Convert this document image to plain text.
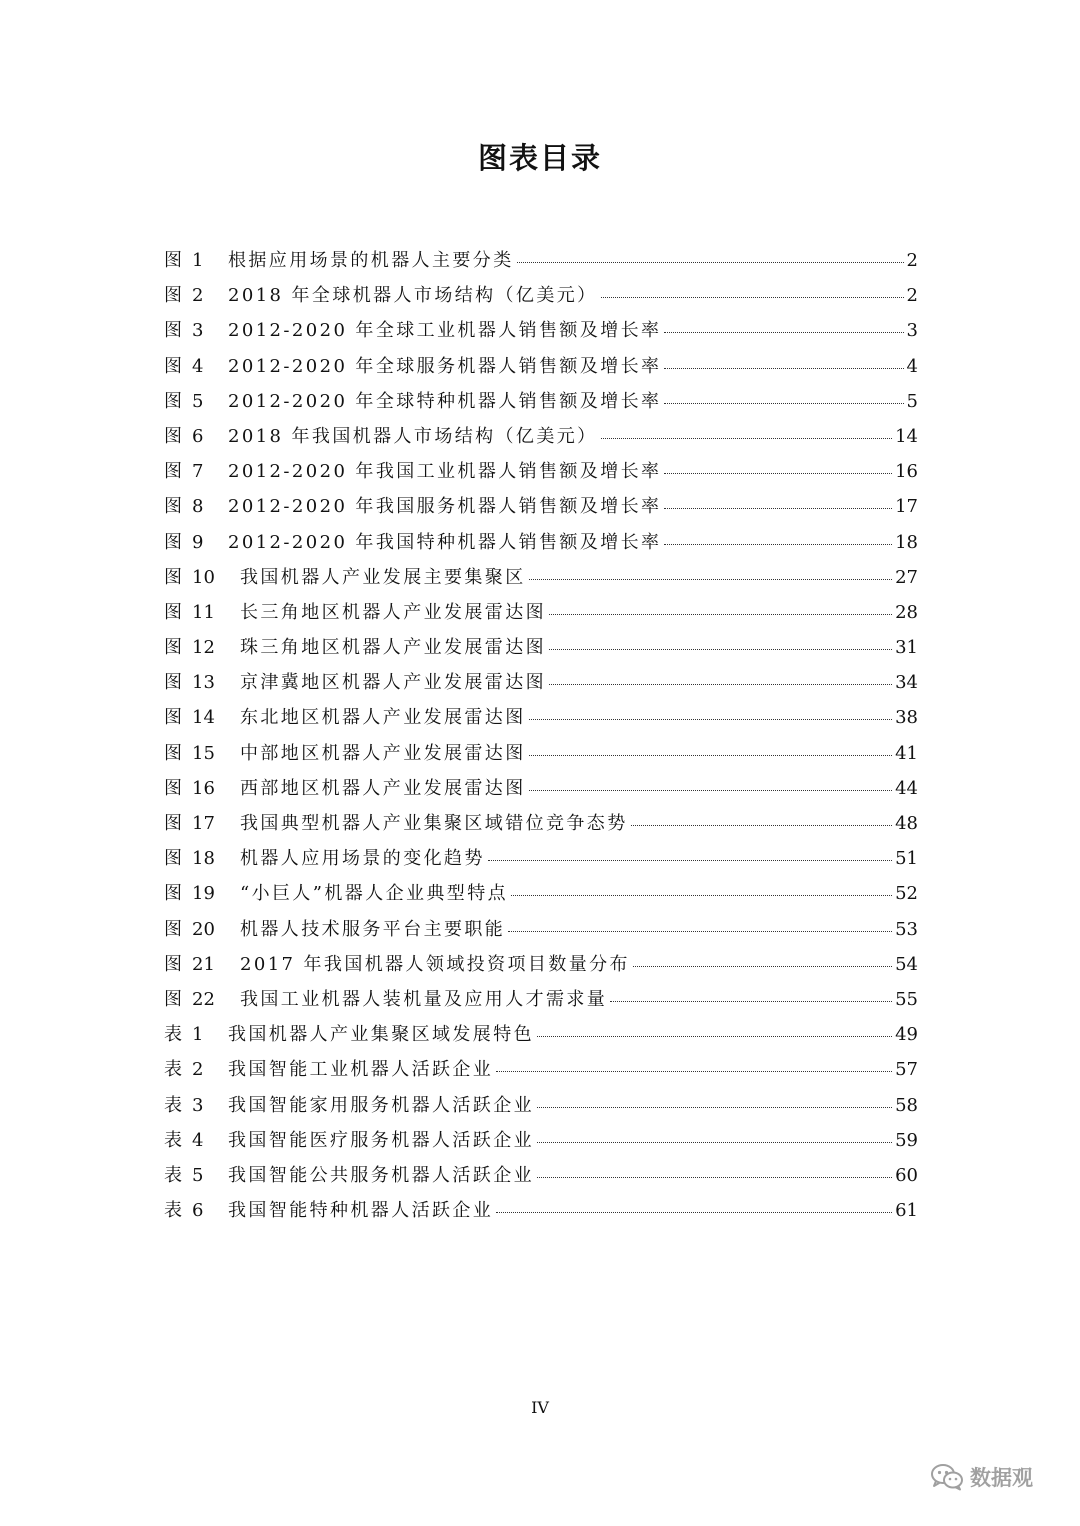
图表目录
图 1	根据应用场景的机器人主要分类	2
图 2	2018 年全球机器人市场结构（亿美元）	2
图 3	2012-2020 年全球工业机器人销售额及增长率	3
图 4	2012-2020 年全球服务机器人销售额及增长率	4
图 5	2012-2020 年全球特种机器人销售额及增长率	5
图 6	2018 年我国机器人市场结构（亿美元）	14
图 7	2012-2020 年我国工业机器人销售额及增长率	16
图 8	2012-2020 年我国服务机器人销售额及增长率	17
图 9	2012-2020 年我国特种机器人销售额及增长率	18
图 10	我国机器人产业发展主要集聚区	27
图 11	长三角地区机器人产业发展雷达图	28
图 12	珠三角地区机器人产业发展雷达图	31
图 13	京津冀地区机器人产业发展雷达图	34
图 14	东北地区机器人产业发展雷达图	38
图 15	中部地区机器人产业发展雷达图	41
图 16	西部地区机器人产业发展雷达图	44
图 17	我国典型机器人产业集聚区域错位竞争态势	48
图 18	机器人应用场景的变化趋势	51
图 19	“小巨人”机器人企业典型特点	52
图 20	机器人技术服务平台主要职能	53
图 21	2017 年我国机器人领域投资项目数量分布	54
图 22	我国工业机器人装机量及应用人才需求量	55
表 1	我国机器人产业集聚区域发展特色	49
表 2	我国智能工业机器人活跃企业	57
表 3	我国智能家用服务机器人活跃企业	58
表 4	我国智能医疗服务机器人活跃企业	59
表 5	我国智能公共服务机器人活跃企业	60
表 6	我国智能特种机器人活跃企业	61
IV
数据观
